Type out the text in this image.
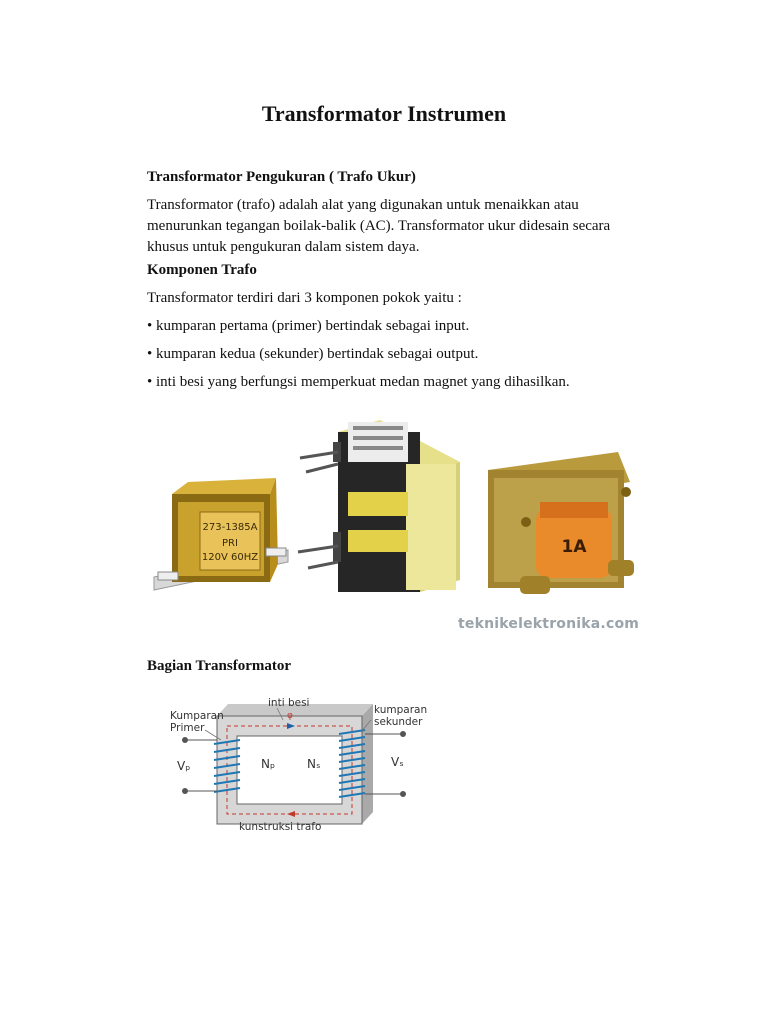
Transformator Instrumen
Transformator Pengukuran ( Trafo Ukur)
Transformator (trafo) adalah alat yang digunakan untuk menaikkan atau
menurunkan tegangan boilak-balik (AC). Transformator ukur didesain secara
khusus untuk pengukuran dalam sistem daya.
Komponen Trafo
Transformator terdiri dari 3 komponen pokok yaitu :
• kumparan pertama (primer) bertindak sebagai input.
• kumparan kedua (sekunder) bertindak sebagai output.
• inti besi yang berfungsi memperkuat medan magnet yang dihasilkan.
273-1385A
PRI
120V 60HZ
1A
teknikelektronika.com
Bagian Transformator
φ
inti besi
Kumparan
Primer
kumparan
sekunder
Vₚ	Vₛ
Nₚ	Nₛ
kunstruksi trafo
